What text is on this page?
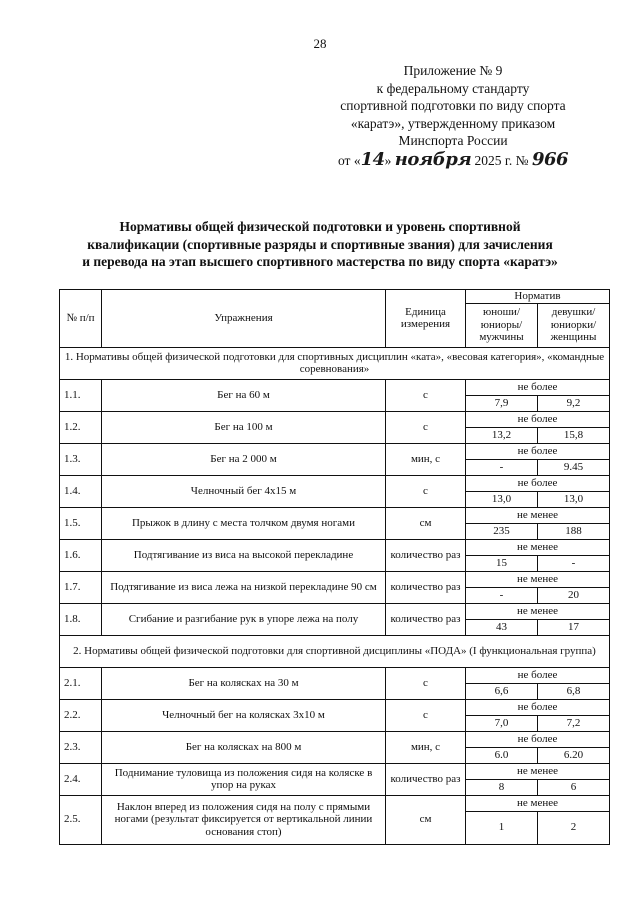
28
Приложение № 9
к федеральному стандарту
спортивной подготовки по виду спорта
«каратэ», утвержденному приказом
Минспорта России
от «14» ноября 2025 г. № 966
Нормативы общей физической подготовки и уровень спортивной
квалификации (спортивные разряды и спортивные звания) для зачисления
и перевода на этап высшего спортивного мастерства по виду спорта «каратэ»
№ п/п	Упражнения	Единица измерения	Норматив	
			юноши/ юниоры/ мужчины	девушки/ юниорки/ женщины
1. Нормативы общей физической подготовки для спортивных дисциплин «ката», «весовая категория», «командные соревнования»				
1.1.	Бег на 60 м	с	не более	
			7,9	9,2
1.2.	Бег на 100 м	с	не более	
			13,2	15,8
1.3.	Бег на 2 000 м	мин, с	не более	
			-	9.45
1.4.	Челночный бег 4х15 м	с	не более	
			13,0	13,0
1.5.	Прыжок в длину с места толчком двумя ногами	см	не менее	
			235	188
1.6.	Подтягивание из виса на высокой перекладине	количество раз	не менее	
			15	-
1.7.	Подтягивание из виса лежа на низкой перекладине 90 см	количество раз	не менее	
			-	20
1.8.	Сгибание и разгибание рук в упоре лежа на полу	количество раз	не менее	
			43	17
2. Нормативы общей физической подготовки для спортивной дисциплины «ПОДА» (I функциональная группа)				
2.1.	Бег на колясках на 30 м	с	не более	
			6,6	6,8
2.2.	Челночный бег на колясках 3х10 м	с	не более	
			7,0	7,2
2.3.	Бег на колясках на 800 м	мин, с	не более	
			6.0	6.20
2.4.	Поднимание туловища из положения сидя на коляске в упор на руках	количество раз	не менее	
			8	6
2.5.	Наклон вперед из положения сидя на полу с прямыми ногами (результат фиксируется от вертикальной линии основания стоп)	см	не менее	
			1	2
